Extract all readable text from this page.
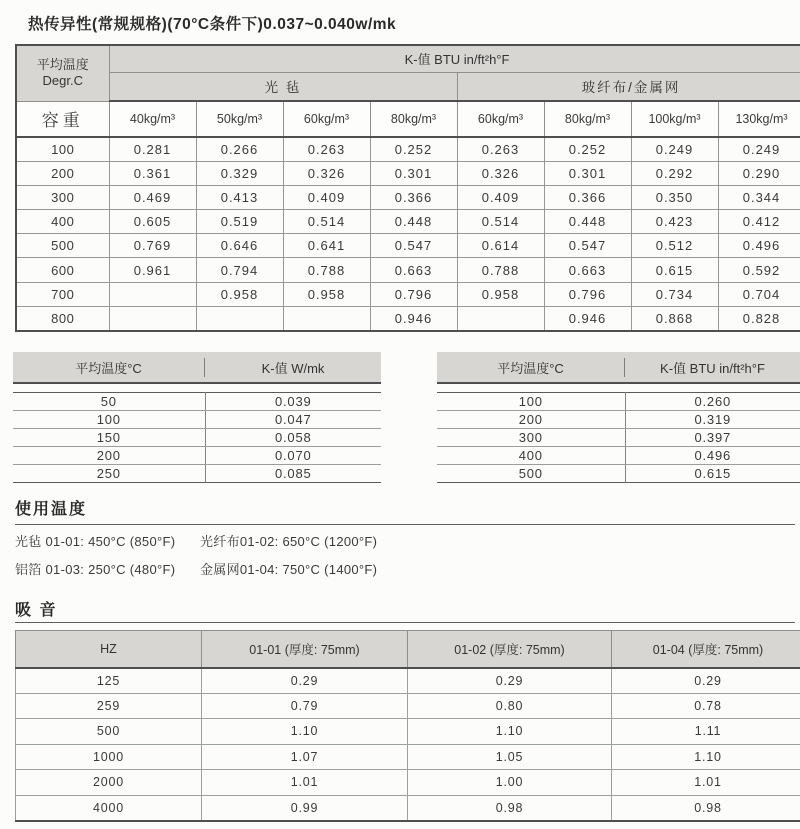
热传异性(常规规格)(70°C条件下)0.037~0.040w/mk
平均温度
Degr.C	K-值 BTU in/ft²h°F							
	光 毡				玻纤布/金属网			
容重	40kg/m³	50kg/m³	60kg/m³	80kg/m³	60kg/m³	80kg/m³	100kg/m³	130kg/m³
100	0.281	0.266	0.263	0.252	0.263	0.252	0.249	0.249
200	0.361	0.329	0.326	0.301	0.326	0.301	0.292	0.290
300	0.469	0.413	0.409	0.366	0.409	0.366	0.350	0.344
400	0.605	0.519	0.514	0.448	0.514	0.448	0.423	0.412
500	0.769	0.646	0.641	0.547	0.614	0.547	0.512	0.496
600	0.961	0.794	0.788	0.663	0.788	0.663	0.615	0.592
700		0.958	0.958	0.796	0.958	0.796	0.734	0.704
800				0.946		0.946	0.868	0.828
平均温度°C	K-值 W/mk
50	0.039
100	0.047
150	0.058
200	0.070
250	0.085
平均温度°C	K-值 BTU in/ft²h°F
100	0.260
200	0.319
300	0.397
400	0.496
500	0.615
使用温度
光毡 01-01: 450°C (850°F)	光纤布01-02: 650°C (1200°F)
铝箔 01-03: 250°C (480°F)	金属网01-04: 750°C (1400°F)
吸 音
HZ	01-01 (厚度: 75mm)	01-02 (厚度: 75mm)	01-04 (厚度: 75mm)
125	0.29	0.29	0.29
259	0.79	0.80	0.78
500	1.10	1.10	1.11
1000	1.07	1.05	1.10
2000	1.01	1.00	1.01
4000	0.99	0.98	0.98
